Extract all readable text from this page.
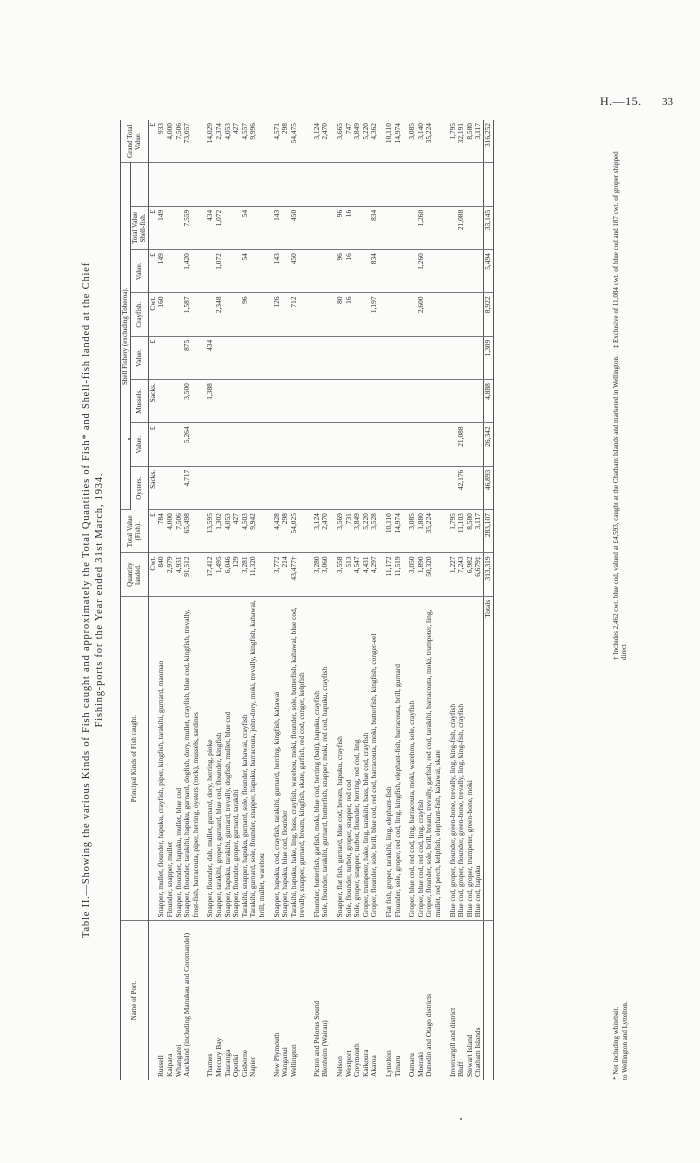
H.—15. 33
Table II.—Showing the various Kinds of Fish caught and approximately the Total Quantities of Fish* and Shell-fish landed at the Chief Fishing-ports for the Year ended 31st March, 1934.
Name of Port.	Principal Kinds of Fish caught.	Quantity landed.	Total Value (Fish).	Shell Fishery (excluding Toheroa).								Grand Total Value.
				Oysters.	Value.	Mussels.	Value.	Crayfish.	Value.	Total Value Shell-fish.		
		Cwt.	£	Sacks.	£	Sacks.	£	Cwt.	£	£		£
Russell	Snapper, mullet, flounder, hapuku, crayfish, piper, kingfish, tarakihi, gurnard, maomao	840	784					160	149	149		933
Kaipara	Flounder, snapper, mullet	2,979	4,000									4,000
Whangarei	Snapper, flounder, hapuku, mullet, blue cod	4,931	7,506									7,506
Auckland (including Manukau and Coromandel)	Snapper, flounder, tarakihi, hapuku, gurnard, dogfish, dory, mullet, crayfish, blue cod, kingfish, trevally, frost-fish, barracouta, piper, herring, oysters (rock), mussels, sardines	91,512	65,498	4,717	5,264	3,500	875	1,587	1,420	7,559		73,057

Thames	Snapper, flounder, dab, mullet, gurnard, dory, herring, pioke	17,412	13,595			1,388	434			434		14,029
Mercury Bay	Snapper, tarakihi, groper, gurnard, blue cod, flounder, kingfish	1,495	1,302					2,348	1,072	1,072		2,374
Tauranga	Snapper, hapuku, tarakihi, gurnard, trevally, dogfish, mullet, blue cod	6,046	4,053									4,053
Opotiki	Snapper, flounder, groper, gurnard, tarakihi	129	427									427
Gisborne	Tarakihi, snapper, hapuku, gurnard, sole, flounder, kahawai, crayfish	3,281	4,503					96	54	54		4,557
Napier	Tarakihi, gurnard, sole, flounder, snapper, hapuku, barracouta, john-dory, moki, trevally, kingfish, kahawai, brill, mullet, warehou	11,320	9,942									9,996

New Plymouth	Snapper, hapuku, cod, crayfish, tarakihi, gurnard, herring, kingfish, kahawai	3,772	4,428					126	143	143		4,571
Wanganui	Snapper, hapuku, blue cod, flounder	214	298									298
Wellington	Tarakihi, hapuku, hake, ling, bass, crayfish, warehou, moki, flounder, sole, butterfish, kahawai, blue cod, trevally, snapper, gurnard, bream, kingfish, skate, garfish, red cod, conger, kelpfish	43,477†	54,025					712	450	450		54,475

Picton and Pelorus Sound	Flounder, butterfish, garfish, moki, blue cod, herring (bait), hapuku, crayfish	3,280	3,124									3,124
Blenheim (Wairau)	Sole, flounder, tarakihi, gurnard, butterfish, snapper, moki, red cod, hapuku, crayfish	3,060	2,470									2,470

Nelson	Snapper, flat fish, gurnard, blue cod, bream, hapuku, crayfish	3,558	3,569					80	96	96		3,665
Westport	Sole, flounder, turbot, groper, snapper, red cod	513	731					16	16	16		747
Greymouth	Sole, groper, snapper, turbot, flounder, herring, red cod, ling	4,547	3,849									3,849
Kaikoura	Groper, trumpeter, hake, ling, tarakihi, bass, blue cod, crayfish	4,431	5,220									5,220
Akaroa	Groper, flounder, sole, brill, blue cod, red cod, barracouta, moki, butterfish, kingfish, conger-eel	4,297	3,528					1,197	834	834		4,362

Lyttelton	Flat fish, groper, tarakihi, ling, elephant-fish	11,172	10,110									10,110
Timaru	Flounder, sole, groper, red cod, ling, kingfish, elephant-fish, barracouta, brill, gurnard	11,519	14,974									14,974

Oamaru	Groper, blue cod, red cod, ling, barracouta, moki, warehou, sole, crayfish	3,050	3,085									3,085
Moeraki	Groper, blue cod, red cod, ling, crayfish	1,890	1,880					2,600	1,260	1,260		3,140
Dunedin and Otago districts	Groper, flounder, sole, brill, bream, trevally, garfish, red cod, tarakihi, barracouta, moki, trumpeter, ling, mullet, red perch, kelpfish, elephant-fish, kahawai, skate	50,320	35,224									35,224

Invercargill and district	Blue cod, groper, flounder, green-bone, trevally, ling, king-fish, crayfish	1,227	1,795									1,795
Bluff	Blue cod, groper, flounder, green-bone, trevally, ling, king-fish, crayfish	7,243	11,103	42,176	21,088					21,088		32,191
Stewart Island	Blue cod, groper, trumpeter, green-bone, moki	6,982	8,580									8,580
Chatham Islands	Blue cod, hapuku	6,679‡	3,117									3,117
	Totals	313,319	283,107	46,893	26,342	4,888	1,309	8,922	5,494	33,145		316,252
* Not including whitebait. to Wellington and Lyttelton.
† Includes 2,462 cwt. blue cod, valued at £4,593, caught at the Chatham Islands and marketed in Wellington.    ‡ Exclusive of 11,084 cwt. of blue cod and 187 cwt. of groper shipped direct
